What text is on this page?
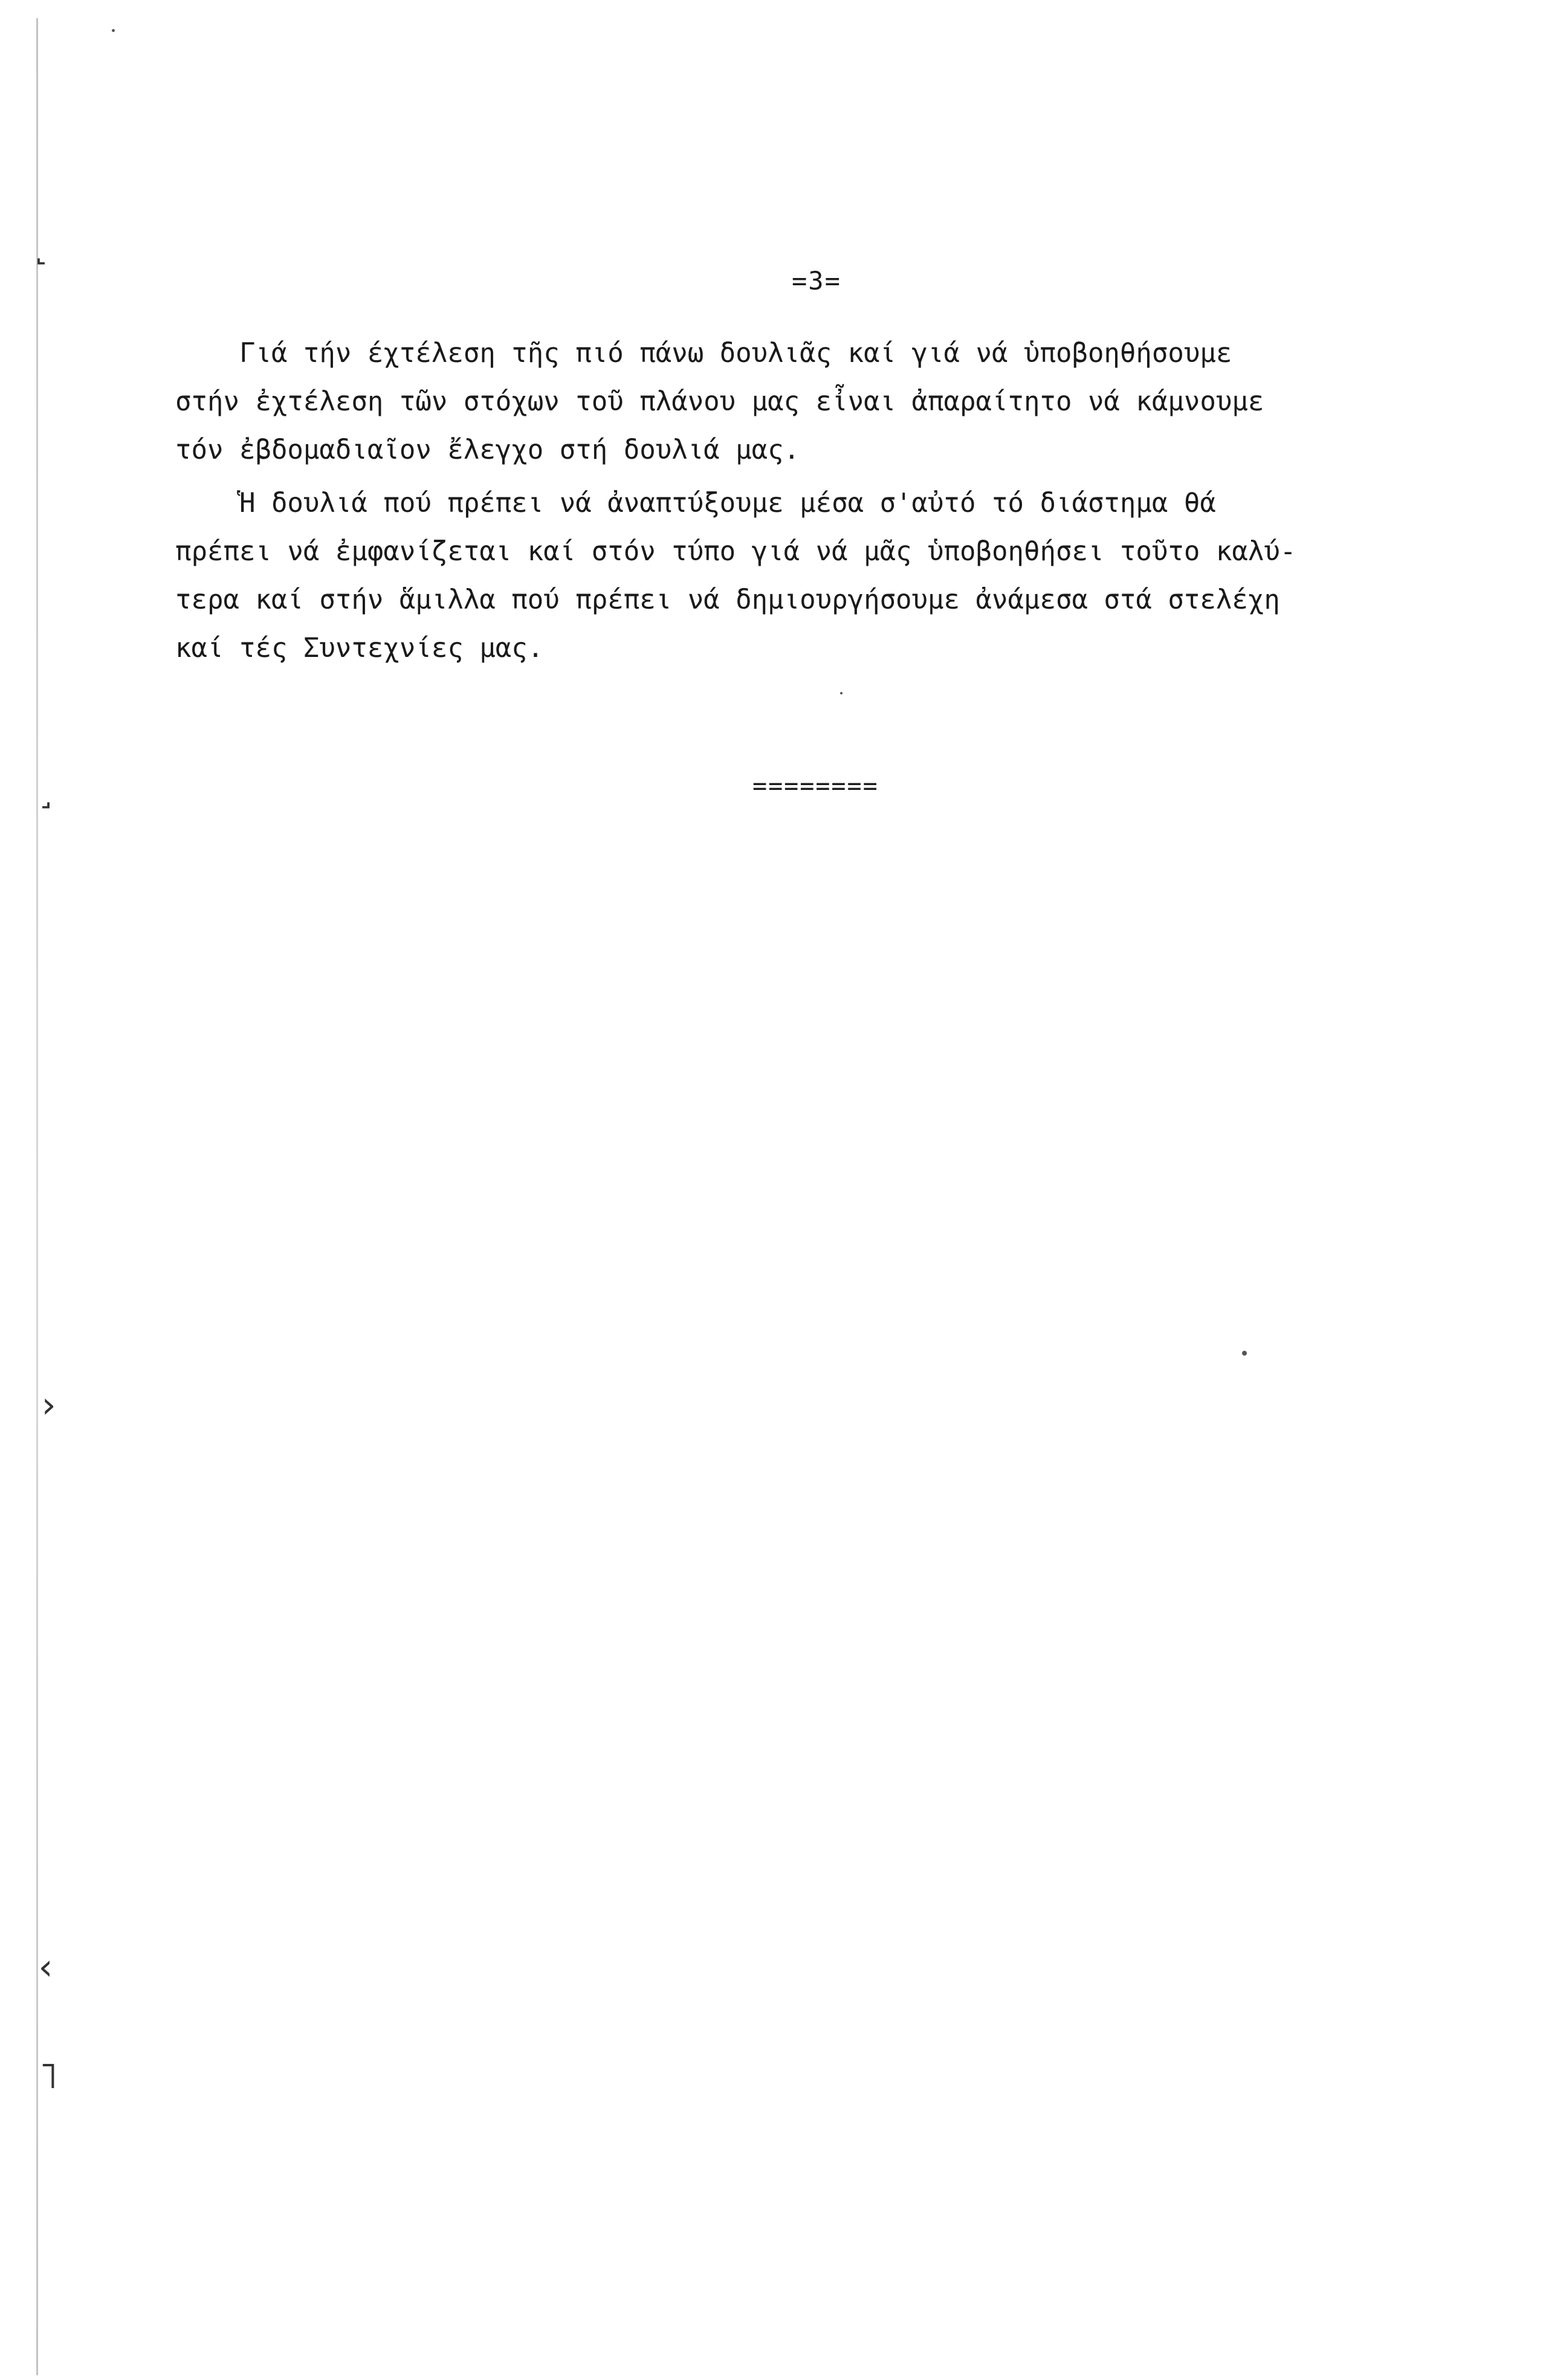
˻
˼
›
‹
˥
=3=
Γιά τήν έχτέλεση τῆς πιό πάνω δουλιᾶς καί γιά νά ὑποβοηθήσουμε
στήν ἐχτέλεση τῶν στόχων τοῦ πλάνου μας εἶναι ἀπαραίτητο νά κάμνουμε
τόν ἐβδομαδιαῖον ἔλεγχο στή δουλιά μας.
Ἡ δουλιά πού πρέπει νά ἀναπτύξουμε μέσα σ'αὐτό τό διάστημα θά
πρέπει νά ἐμφανίζεται καί στόν τύπο γιά νά μᾶς ὑποβοηθήσει τοῦτο καλύ-
τερα καί στήν ἅμιλλα πού πρέπει νά δημιουργήσουμε ἀνάμεσα στά στελέχη
καί τές Συντεχνίες μας.
========
